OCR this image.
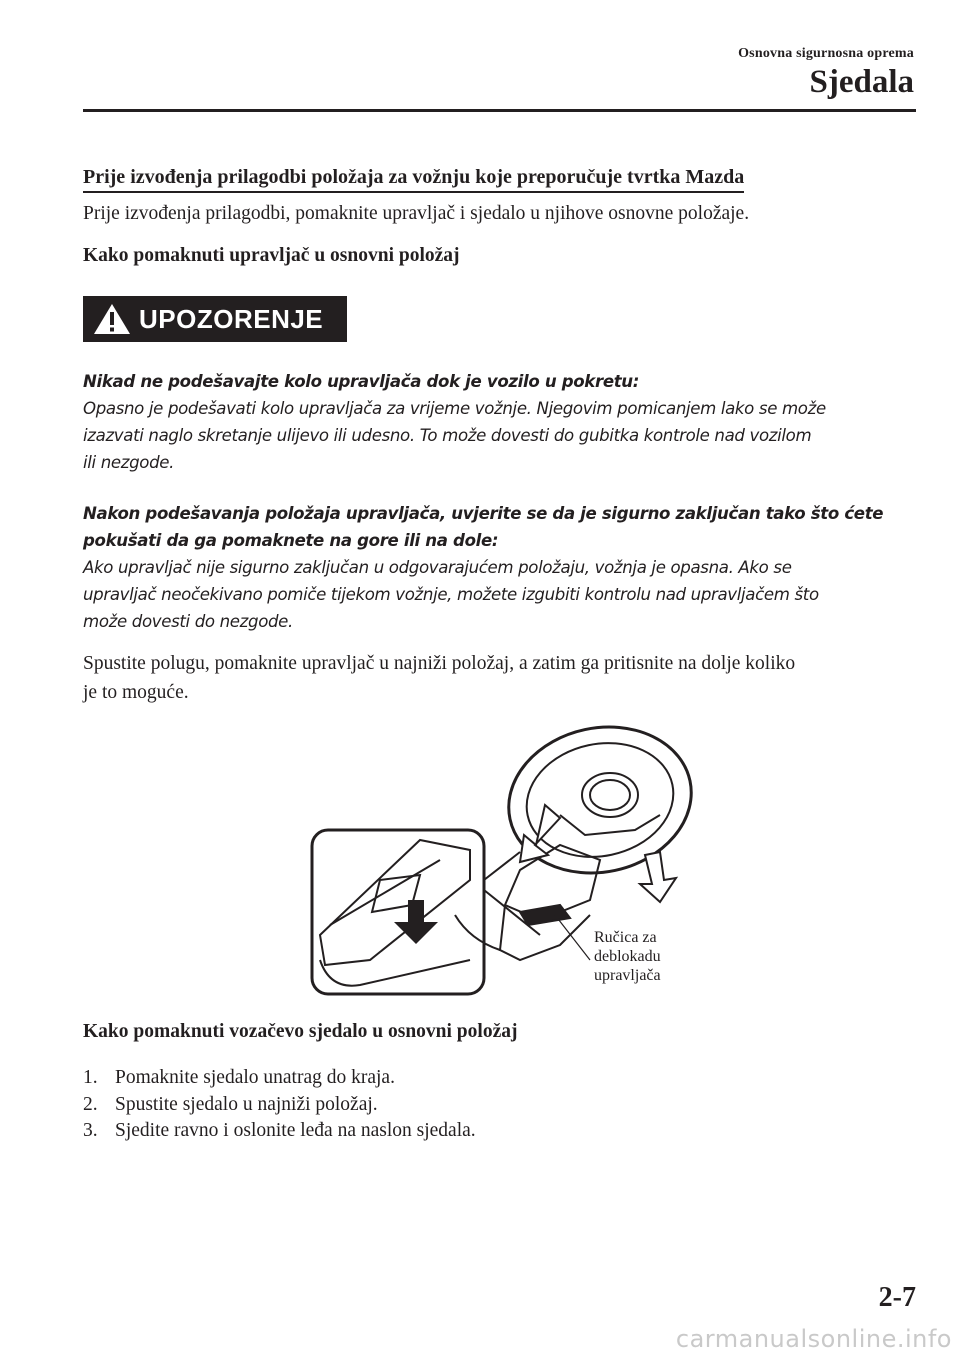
Osnovna sigurnosna oprema
Sjedala
Prije izvođenja prilagodbi položaja za vožnju koje preporučuje tvrtka Mazda
Prije izvođenja prilagodbi, pomaknite upravljač i sjedalo u njihove osnovne položaje.
Kako pomaknuti upravljač u osnovni položaj
UPOZORENJE
Nikad ne podešavajte kolo upravljača dok je vozilo u pokretu:
Opasno je podešavati kolo upravljača za vrijeme vožnje. Njegovim pomicanjem lako se može
izazvati naglo skretanje ulijevo ili udesno. To može dovesti do gubitka kontrole nad vozilom
ili nezgode.
Nakon podešavanja položaja upravljača, uvjerite se da je sigurno zaključan tako što ćete
pokušati da ga pomaknete na gore ili na dole:
Ako upravljač nije sigurno zaključan u odgovarajućem položaju, vožnja je opasna. Ako se
upravljač neočekivano pomiče tijekom vožnje, možete izgubiti kontrolu nad upravljačem što
može dovesti do nezgode.
Spustite polugu, pomaknite upravljač u najniži položaj, a zatim ga pritisnite na dolje koliko
je to moguće.
Ručica za
deblokadu
upravljača
Kako pomaknuti vozačevo sjedalo u osnovni položaj
1. Pomaknite sjedalo unatrag do kraja.
2. Spustite sjedalo u najniži položaj.
3. Sjedite ravno i oslonite leđa na naslon sjedala.
2-7
carmanualsonline.info
